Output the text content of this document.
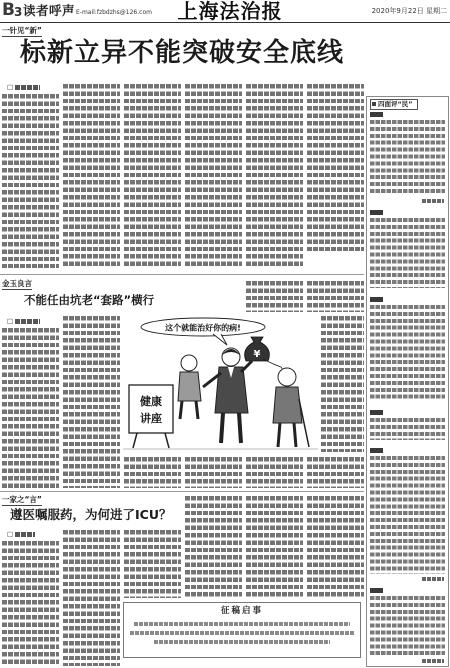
B 3 读者呼声 E-mail:fzbdzhs@126.com	上海法治报	2020年9月22日 星期二
一针见“新”
标新立异不能突破安全底线
□
金玉良言
不能任由坑老“套路”横行
□
这个就能治好你的病!
¥
健康
讲座
一家之“言”
遵医嘱服药，为何进了ICU？
□
征稿启事
四面评“民”
